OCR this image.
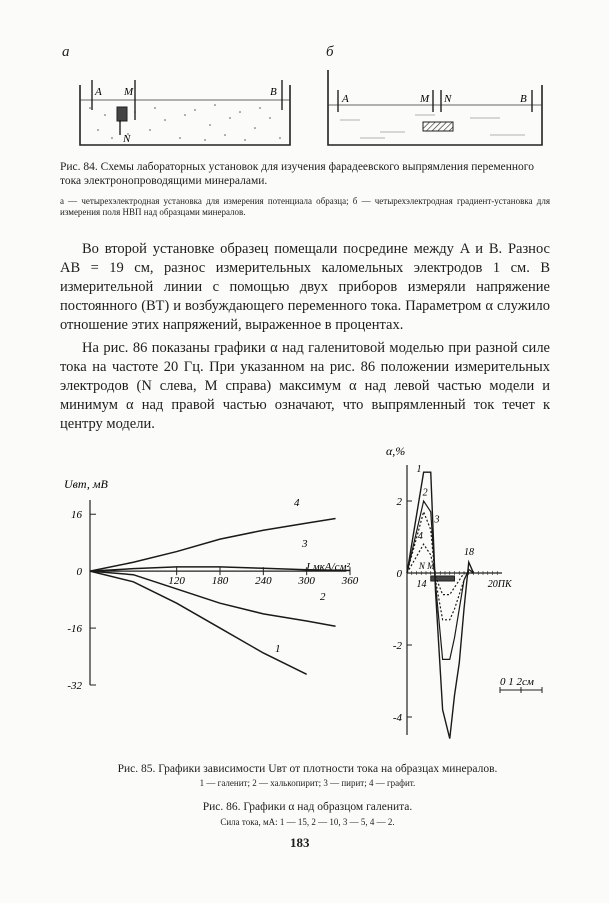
а	б
A M
N
B
A	M N	B
Рис. 84. Схемы лабораторных установок для изучения фарадеевского выпрямления переменного тока электронопроводящими минералами.
а — четырехэлектродная установка для измерения потенциала образца; б — четырехэлектродная градиент-установка для измерения поля НВП над образцами минералов.

Во второй установке образец помещали посредине между A и B. Разнос AB = 19 см, разнос измерительных каломельных электродов 1 см. В измерительной линии с помощью двух приборов измеряли напряжение постоянного (ВТ) и возбуждающего переменного тока. Параметром α служило отношение этих напряжений, выраженное в процентах.

На рис. 86 показаны графики α над галенитовой моделью при разной силе тока на частоте 20 Гц. При указанном на рис. 86 положении измерительных электродов (N слева, M справа) максимум α над левой частью модели и минимум α над правой частью означают, что выпрямленный ток течет к центру модели.

Uвт, мВ
J,мкА/см²
16
0
-16
-32
120 180 240 300 360
1
2
3
4
α,%
2
0
-2
-4
14
18
20ПК
N M
1
2
3
4
0 1 2см
Рис. 85. Графики зависимости Uвт от плотности тока на образцах минералов.
1 — галенит; 2 — халькопирит; 3 — пирит; 4 — графит.
Рис. 86. Графики α над образцом галенита.
Сила тока, мА: 1 — 15, 2 — 10, 3 — 5, 4 — 2.
183
